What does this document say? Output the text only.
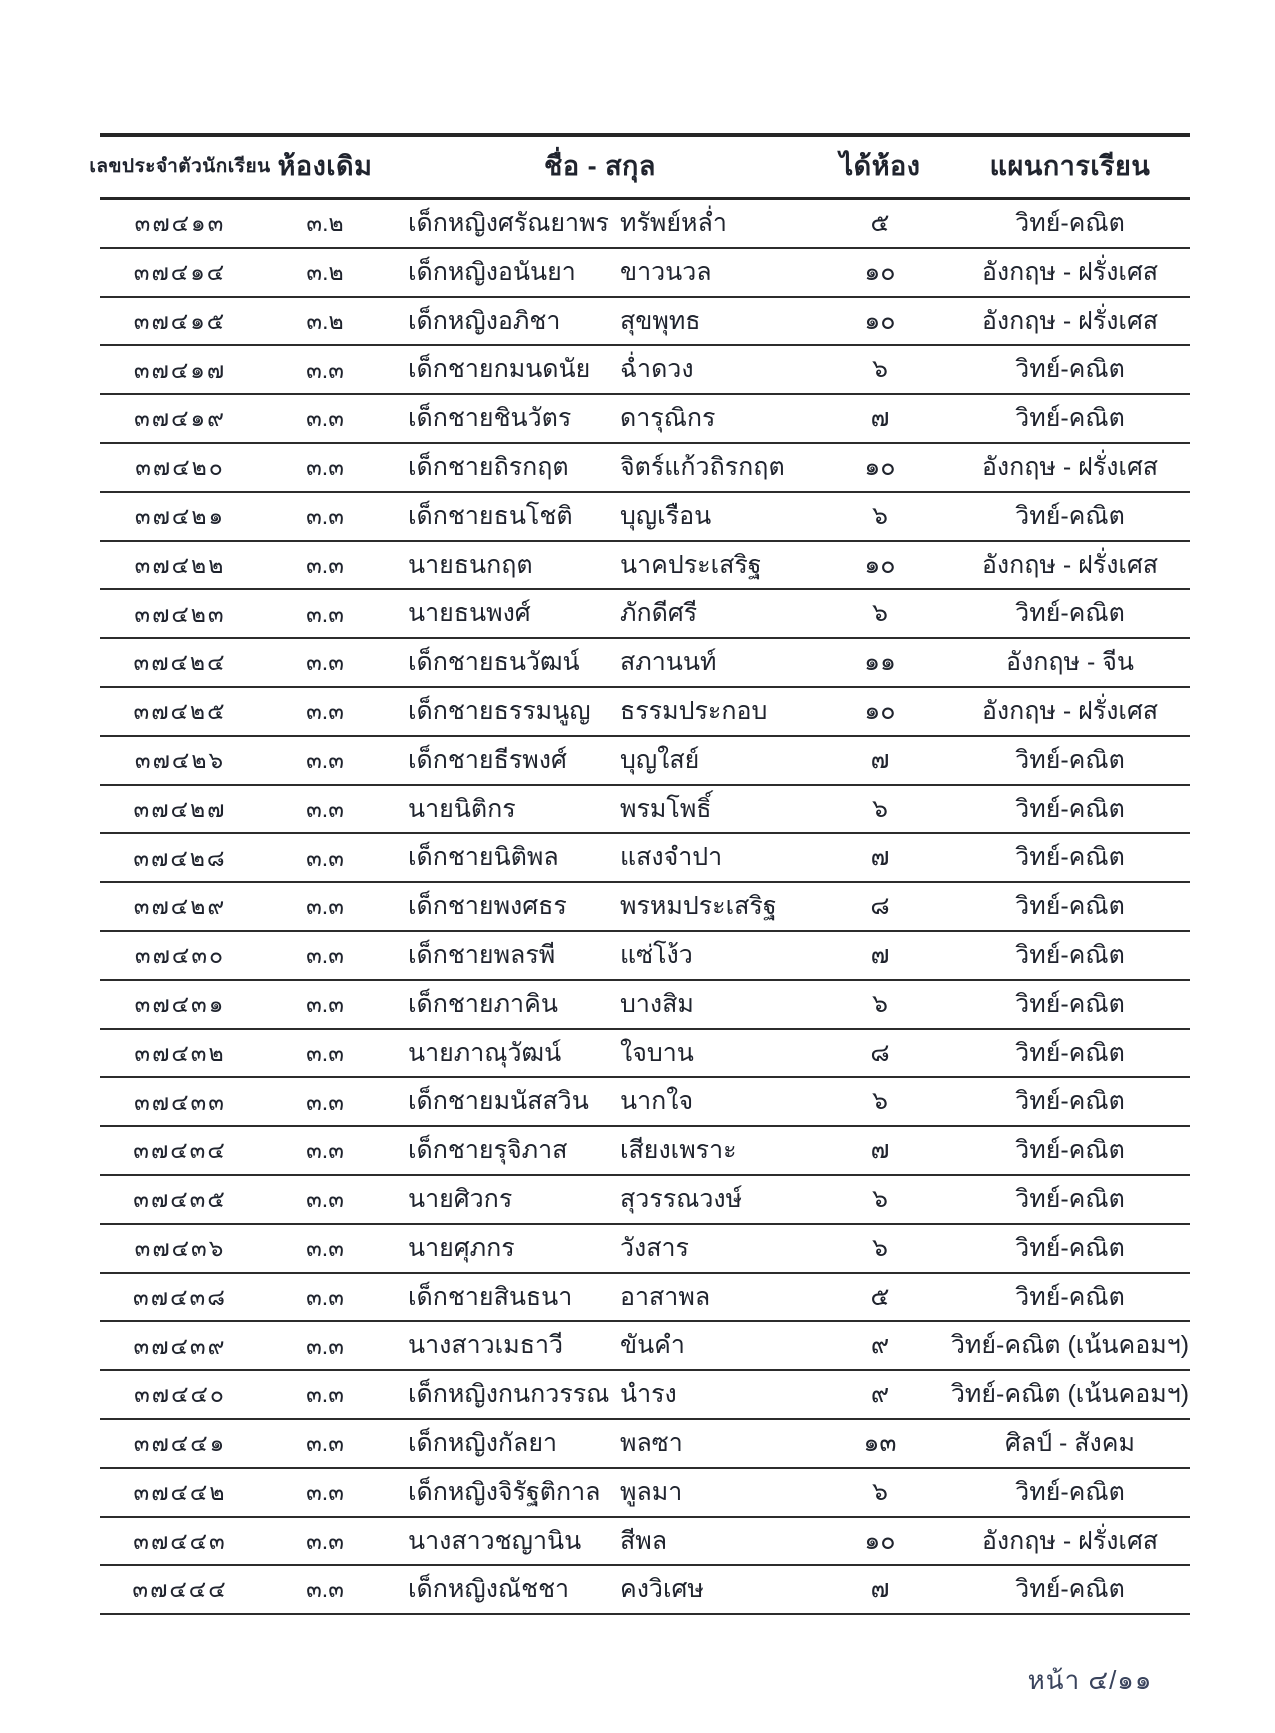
เลขประจำตัวนักเรียน ห้องเดิม	ชื่อ - สกุล	ได้ห้อง	แผนการเรียน
๓๗๔๑๓	๓.๒	เด็กหญิงศรัณยาพร ทรัพย์หล่ำ	๕	วิทย์-คณิต
๓๗๔๑๔	๓.๒	เด็กหญิงอนันยา	ขาวนวล	๑๐	อังกฤษ - ฝรั่งเศส
๓๗๔๑๕	๓.๒	เด็กหญิงอภิชา	สุขพุทธ	๑๐	อังกฤษ - ฝรั่งเศส
๓๗๔๑๗	๓.๓	เด็กชายกมนดนัย	ฉ่ำดวง	๖	วิทย์-คณิต
๓๗๔๑๙	๓.๓	เด็กชายชินวัตร	ดารุณิกร	๗	วิทย์-คณิต
๓๗๔๒๐	๓.๓	เด็กชายถิรกฤต	จิตร์แก้วถิรกฤต	๑๐	อังกฤษ - ฝรั่งเศส
๓๗๔๒๑	๓.๓	เด็กชายธนโชติ	บุญเรือน	๖	วิทย์-คณิต
๓๗๔๒๒	๓.๓	นายธนกฤต	นาคประเสริฐ	๑๐	อังกฤษ - ฝรั่งเศส
๓๗๔๒๓	๓.๓	นายธนพงศ์	ภักดีศรี	๖	วิทย์-คณิต
๓๗๔๒๔	๓.๓	เด็กชายธนวัฒน์	สภานนท์	๑๑	อังกฤษ - จีน
๓๗๔๒๕	๓.๓	เด็กชายธรรมนูญ	ธรรมประกอบ	๑๐	อังกฤษ - ฝรั่งเศส
๓๗๔๒๖	๓.๓	เด็กชายธีรพงศ์	บุญใสย์	๗	วิทย์-คณิต
๓๗๔๒๗	๓.๓	นายนิติกร	พรมโพธิ์	๖	วิทย์-คณิต
๓๗๔๒๘	๓.๓	เด็กชายนิติพล	แสงจำปา	๗	วิทย์-คณิต
๓๗๔๒๙	๓.๓	เด็กชายพงศธร	พรหมประเสริฐ	๘	วิทย์-คณิต
๓๗๔๓๐	๓.๓	เด็กชายพลรพี	แซ่โง้ว	๗	วิทย์-คณิต
๓๗๔๓๑	๓.๓	เด็กชายภาคิน	บางสิม	๖	วิทย์-คณิต
๓๗๔๓๒	๓.๓	นายภาณุวัฒน์	ใจบาน	๘	วิทย์-คณิต
๓๗๔๓๓	๓.๓	เด็กชายมนัสสวิน	นากใจ	๖	วิทย์-คณิต
๓๗๔๓๔	๓.๓	เด็กชายรุจิภาส	เสียงเพราะ	๗	วิทย์-คณิต
๓๗๔๓๕	๓.๓	นายศิวกร	สุวรรณวงษ์	๖	วิทย์-คณิต
๓๗๔๓๖	๓.๓	นายศุภกร	วังสาร	๖	วิทย์-คณิต
๓๗๔๓๘	๓.๓	เด็กชายสินธนา	อาสาพล	๕	วิทย์-คณิต
๓๗๔๓๙	๓.๓	นางสาวเมธาวี	ขันคำ	๙	วิทย์-คณิต (เน้นคอมฯ)
๓๗๔๔๐	๓.๓	เด็กหญิงกนกวรรณ นำรง	๙	วิทย์-คณิต (เน้นคอมฯ)
๓๗๔๔๑	๓.๓	เด็กหญิงกัลยา	พลซา	๑๓	ศิลป์ - สังคม
๓๗๔๔๒	๓.๓	เด็กหญิงจิรัฐติกาล พูลมา	๖	วิทย์-คณิต
๓๗๔๔๓	๓.๓	นางสาวชญานิน	สีพล	๑๐	อังกฤษ - ฝรั่งเศส
๓๗๔๔๔	๓.๓	เด็กหญิงณัชชา	คงวิเศษ	๗	วิทย์-คณิต
หน้า ๔/๑๑
